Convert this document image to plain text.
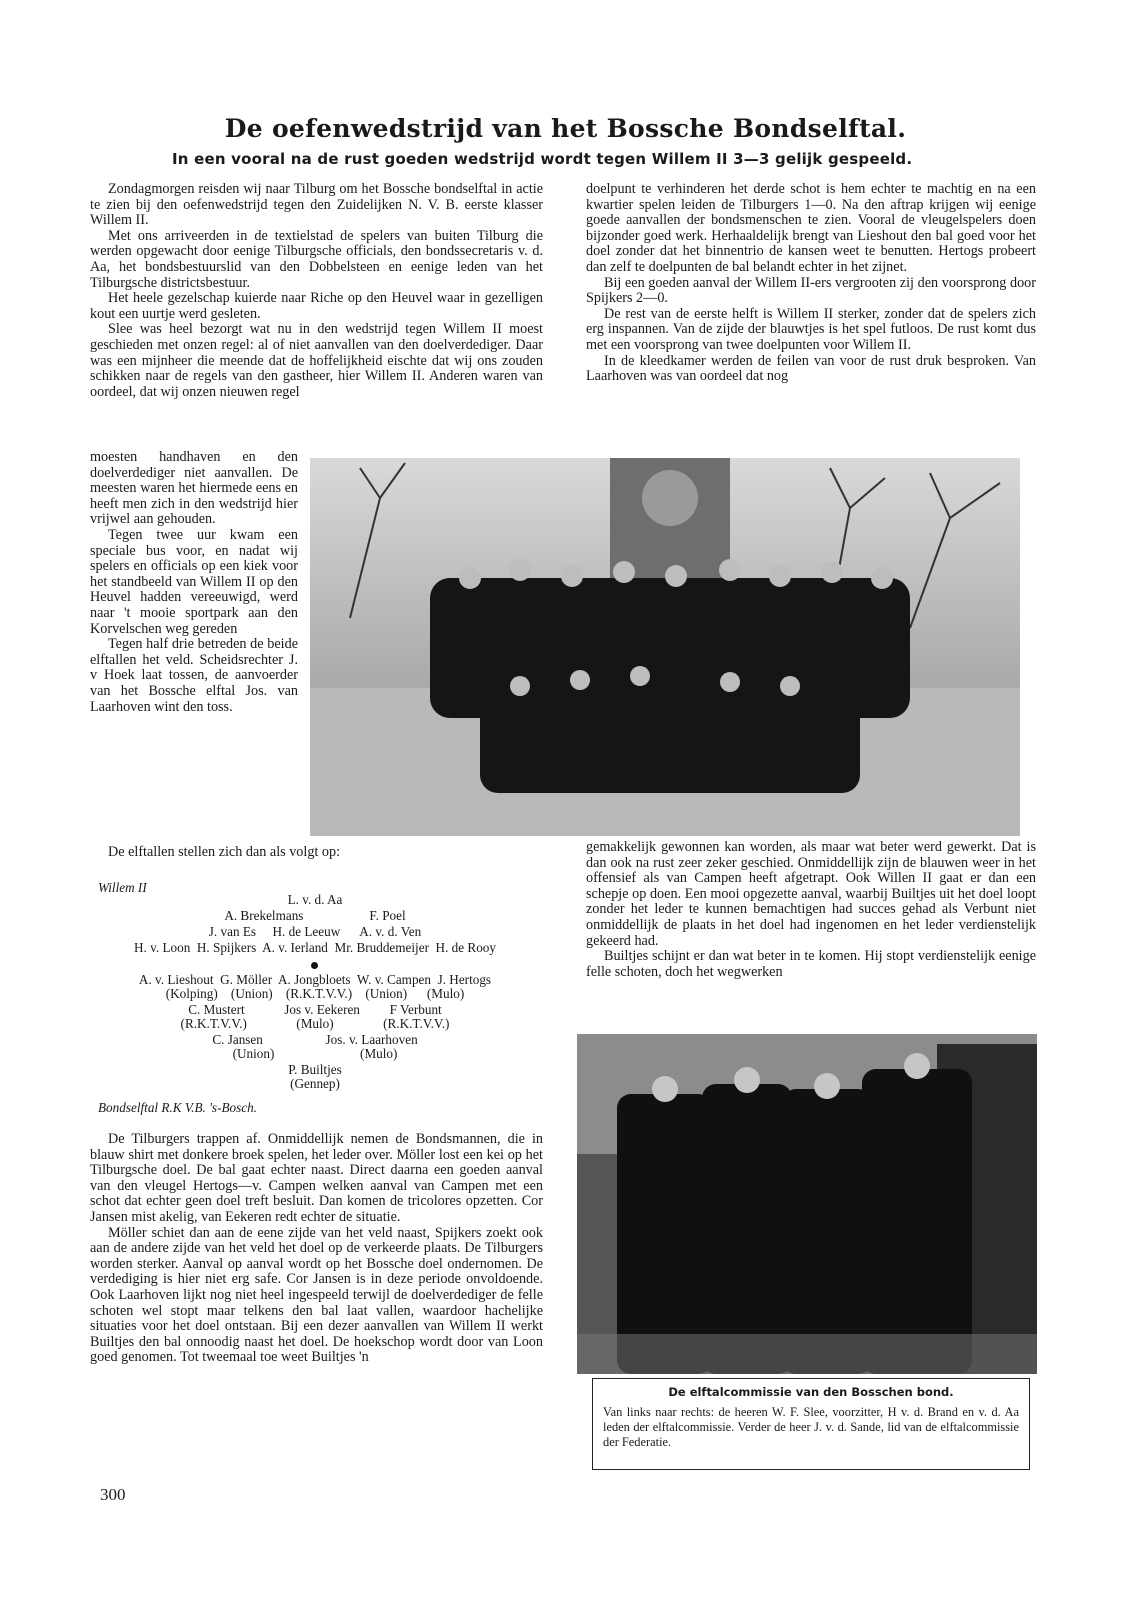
De oefenwedstrijd van het Bossche Bondselftal.
In een vooral na de rust goeden wedstrijd wordt tegen Willem II 3—3 gelijk gespeeld.

Zondagmorgen reisden wij naar Tilburg om het Bossche bondselftal in actie te zien bij den oefenwedstrijd tegen den Zuidelijken N. V. B. eerste klasser Willem II.

Met ons arriveerden in de textielstad de spelers van buiten Tilburg die werden opgewacht door eenige Tilburgsche officials, den bondssecretaris v. d. Aa, het bondsbestuurslid van den Dobbelsteen en eenige leden van het Tilburgsche districtsbestuur.

Het heele gezelschap kuierde naar Riche op den Heuvel waar in gezelligen kout een uurtje werd gesleten.

Slee was heel bezorgt wat nu in den wedstrijd tegen Willem II moest geschieden met onzen regel: al of niet aanvallen van den doelverdediger. Daar was een mijnheer die meende dat de hoffelijkheid eischte dat wij ons zouden schikken naar de regels van den gastheer, hier Willem II. Anderen waren van oordeel, dat wij onzen nieuwen regel

moesten handhaven en den doelverdediger niet aanvallen. De meesten waren het hiermede eens en heeft men zich in den wedstrijd hier vrijwel aan gehouden.

Tegen twee uur kwam een speciale bus voor, en nadat wij spelers en officials op een kiek voor het standbeeld van Willem II op den Heuvel hadden vereeuwigd, werd naar 't mooie sportpark aan den Korvelschen weg gereden

Tegen half drie betreden de beide elftallen het veld. Scheidsrechter J. v Hoek laat tossen, de aanvoerder van het Bossche elftal Jos. van Laarhoven wint den toss.

De elftallen stellen zich dan als volgt op:
Willem II
L. v. d. Aa
A. Brekelmans                    F. Poel
J. van Es     H. de Leeuw      A. v. d. Ven
H. v. Loon  H. Spijkers  A. v. Ierland  Mr. Bruddemeijer  H. de Rooy
A. v. Lieshout  G. Möller  A. Jongbloets  W. v. Campen  J. Hertogs
(Kolping)    (Union)    (R.K.T.V.V.)    (Union)      (Mulo)
C. Mustert            Jos v. Eekeren         F Verbunt
(R.K.T.V.V.)               (Mulo)               (R.K.T.V.V.)
C. Jansen                   Jos. v. Laarhoven
(Union)                          (Mulo)
P. Builtjes
(Gennep)
Bondselftal R.K V.B. 's-Bosch.

De Tilburgers trappen af. Onmiddellijk nemen de Bondsmannen, die in blauw shirt met donkere broek spelen, het leder over. Möller lost een kei op het Tilburgsche doel. De bal gaat echter naast. Direct daarna een goeden aanval van den vleugel Hertogs—v. Campen welken aanval van Campen met een schot dat echter geen doel treft besluit. Dan komen de tricolores opzetten. Cor Jansen mist akelig, van Eekeren redt echter de situatie.

Möller schiet dan aan de eene zijde van het veld naast, Spijkers zoekt ook aan de andere zijde van het veld het doel op de verkeerde plaats. De Tilburgers worden sterker. Aanval op aanval wordt op het Bossche doel ondernomen. De verdediging is hier niet erg safe. Cor Jansen is in deze periode onvoldoende. Ook Laarhoven lijkt nog niet heel ingespeeld terwijl de doelverdediger de felle schoten wel stopt maar telkens den bal laat vallen, waardoor hachelijke situaties voor het doel ontstaan. Bij een dezer aanvallen van Willem II werkt Builtjes den bal onnoodig naast het doel. De hoekschop wordt door van Loon goed genomen. Tot tweemaal toe weet Builtjes 'n

doelpunt te verhinderen het derde schot is hem echter te machtig en na een kwartier spelen leiden de Tilburgers 1—0. Na den aftrap krijgen wij eenige goede aanvallen der bondsmenschen te zien. Vooral de vleugelspelers doen bijzonder goed werk. Herhaaldelijk brengt van Lieshout den bal goed voor het doel zonder dat het binnentrio de kansen weet te benutten. Hertogs probeert dan zelf te doelpunten de bal belandt echter in het zijnet.

Bij een goeden aanval der Willem II-ers vergrooten zij den voorsprong door Spijkers 2—0.

De rest van de eerste helft is Willem II sterker, zonder dat de spelers zich erg inspannen. Van de zijde der blauwtjes is het spel futloos. De rust komt dus met een voorsprong van twee doelpunten voor Willem II.

In de kleedkamer werden de feilen van voor de rust druk besproken. Van Laarhoven was van oordeel dat nog

gemakkelijk gewonnen kan worden, als maar wat beter werd gewerkt. Dat is dan ook na rust zeer zeker geschied. Onmiddellijk zijn de blauwen weer in het offensief als van Campen heeft afgetrapt. Ook Willen II gaat er dan een schepje op doen. Een mooi opgezette aanval, waarbij Builtjes uit het doel loopt zonder het leder te kunnen bemachtigen had succes gehad als Verbunt niet onmiddellijk de plaats in het doel had ingenomen en het leder verdienstelijk gekeerd had.

Builtjes schijnt er dan wat beter in te komen. Hij stopt verdienstelijk eenige felle schoten, doch het wegwerken

De elftalcommissie van den Bosschen bond.
Van links naar rechts: de heeren W. F. Slee, voorzitter, H v. d. Brand en v. d. Aa leden der elftalcommissie. Verder de heer J. v. d. Sande, lid van de elftalcommissie der Federatie.
300
